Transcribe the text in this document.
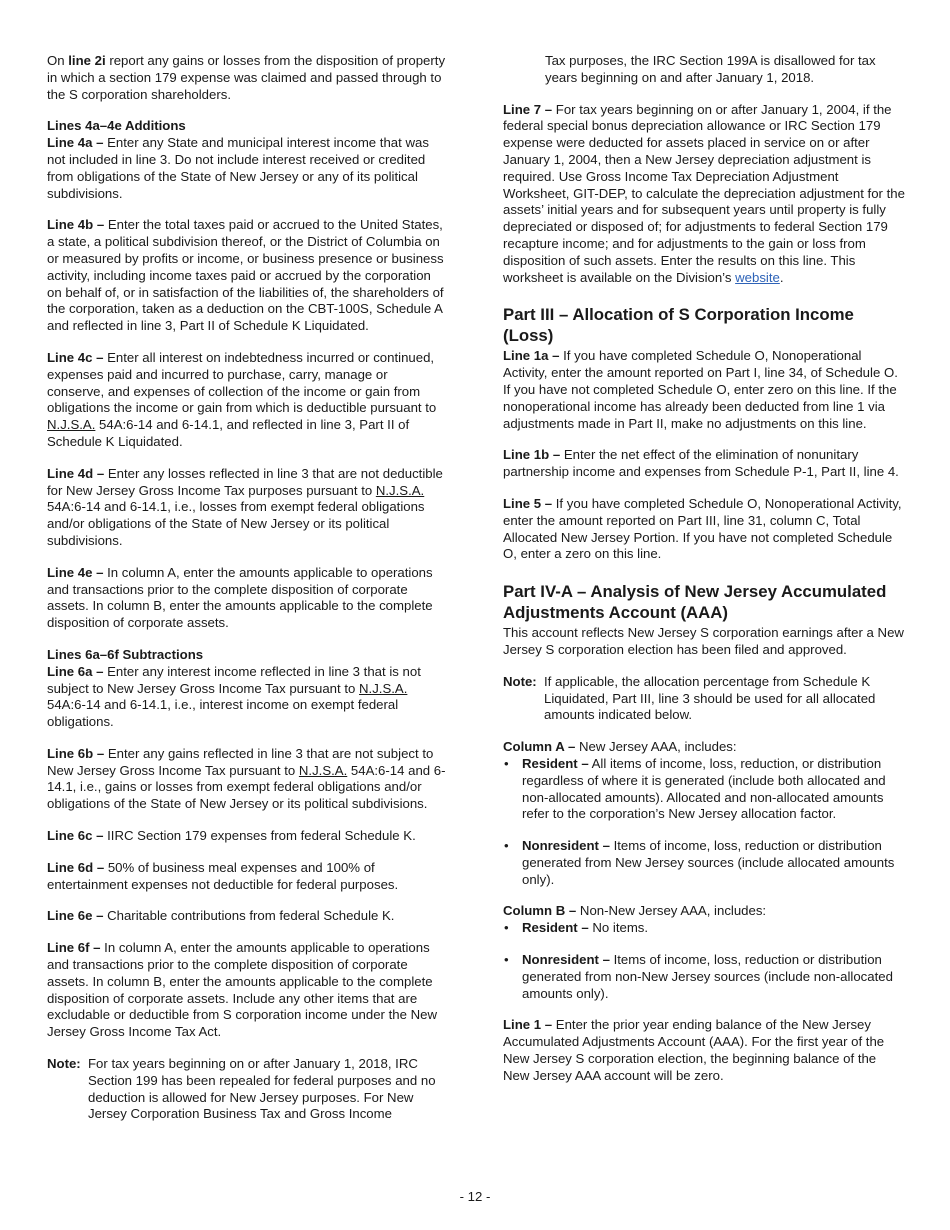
On line 2i report any gains or losses from the disposition of property in which a section 179 expense was claimed and passed through to the S corporation shareholders.

Lines 4a–4e Additions

Line 4a – Enter any State and municipal interest income that was not included in line 3. Do not include interest received or credited from obligations of the State of New Jersey or any of its political subdivisions.

Line 4b – Enter the total taxes paid or accrued to the United States, a state, a political subdivision thereof, or the District of Columbia on or measured by profits or income, or business presence or business activity, including income taxes paid or accrued by the corporation on behalf of, or in satisfaction of the liabilities of, the shareholders of the corporation, taken as a deduction on the CBT-100S, Schedule A and reflected in line 3, Part II of Schedule K Liquidated.

Line 4c – Enter all interest on indebtedness incurred or continued, expenses paid and incurred to purchase, carry, manage or conserve, and expenses of collection of the income or gain from obligations the income or gain from which is deductible pursuant to N.J.S.A. 54A:6-14 and 6-14.1, and reflected in line 3, Part II of Schedule K Liquidated.

Line 4d – Enter any losses reflected in line 3 that are not deductible for New Jersey Gross Income Tax purposes pursuant to N.J.S.A. 54A:6-14 and 6-14.1, i.e., losses from exempt federal obligations and/or obligations of the State of New Jersey or its political subdivisions.

Line 4e – In column A, enter the amounts applicable to operations and transactions prior to the complete disposition of corporate assets. In column B, enter the amounts applicable to the complete disposition of corporate assets.

Lines 6a–6f Subtractions

Line 6a – Enter any interest income reflected in line 3 that is not subject to New Jersey Gross Income Tax pursuant to N.J.S.A. 54A:6-14 and 6-14.1, i.e., interest income on exempt federal obligations.

Line 6b – Enter any gains reflected in line 3 that are not subject to New Jersey Gross Income Tax pursuant to N.J.S.A. 54A:6-14 and 6-14.1, i.e., gains or losses from exempt federal obligations and/or obligations of the State of New Jersey or its political subdivisions.

Line 6c – IIRC Section 179 expenses from federal Schedule K.

Line 6d – 50% of business meal expenses and 100% of entertainment expenses not deductible for federal purposes.

Line 6e – Charitable contributions from federal Schedule K.

Line 6f – In column A, enter the amounts applicable to operations and transactions prior to the complete disposition of corporate assets. In column B, enter the amounts applicable to the complete disposition of corporate assets. Include any other items that are excludable or deductible from S corporation income under the New Jersey Gross Income Tax Act.

Note: For tax years beginning on or after January 1, 2018, IRC Section 199 has been repealed for federal purposes and no deduction is allowed for New Jersey purposes. For New Jersey Corporation Business Tax and Gross Income

Tax purposes, the IRC Section 199A is disallowed for tax years beginning on and after January 1, 2018.

Line 7 – For tax years beginning on or after January 1, 2004, if the federal special bonus depreciation allowance or IRC Section 179 expense were deducted for assets placed in service on or after January 1, 2004, then a New Jersey depreciation adjustment is required. Use Gross Income Tax Depreciation Adjustment Worksheet, GIT-DEP, to calculate the depreciation adjustment for the assets’ initial years and for subsequent years until property is fully depreciated or disposed of; for adjustments to federal Section 179 recapture income; and for adjustments to the gain or loss from disposition of such assets. Enter the results on this line. This worksheet is available on the Division’s website.

Part III – Allocation of S Corporation Income (Loss)

Line 1a – If you have completed Schedule O, Nonoperational Activity, enter the amount reported on Part I, line 34, of Schedule O. If you have not completed Schedule O, enter zero on this line. If the nonoperational income has already been deducted from line 1 via adjustments made in Part II, make no adjustments on this line.

Line 1b – Enter the net effect of the elimination of nonunitary partnership income and expenses from Schedule P-1, Part II, line 4.

Line 5 – If you have completed Schedule O, Nonoperational Activity, enter the amount reported on Part III, line 31, column C, Total Allocated New Jersey Portion. If you have not completed Schedule O, enter a zero on this line.

Part IV-A – Analysis of New Jersey Accumulated Adjustments Account (AAA)

This account reflects New Jersey S corporation earnings after a New Jersey S corporation election has been filed and approved.

Note: If applicable, the allocation percentage from Schedule K Liquidated, Part III, line 3 should be used for all allocated amounts indicated below.

Column A – New Jersey AAA, includes:

• Resident – All items of income, loss, reduction, or distribution regardless of where it is generated (include both allocated and non-allocated amounts). Allocated and non-allocated amounts refer to the corporation’s New Jersey allocation factor.
• Nonresident – Items of income, loss, reduction or distribution generated from New Jersey sources (include allocated amounts only).

Column B – Non-New Jersey AAA, includes:

• Resident – No items.
• Nonresident – Items of income, loss, reduction or distribution generated from non-New Jersey sources (include non-allocated amounts only).

Line 1 – Enter the prior year ending balance of the New Jersey Accumulated Adjustments Account (AAA). For the first year of the New Jersey S corporation election, the beginning balance of the New Jersey AAA account will be zero.

- 12 -
